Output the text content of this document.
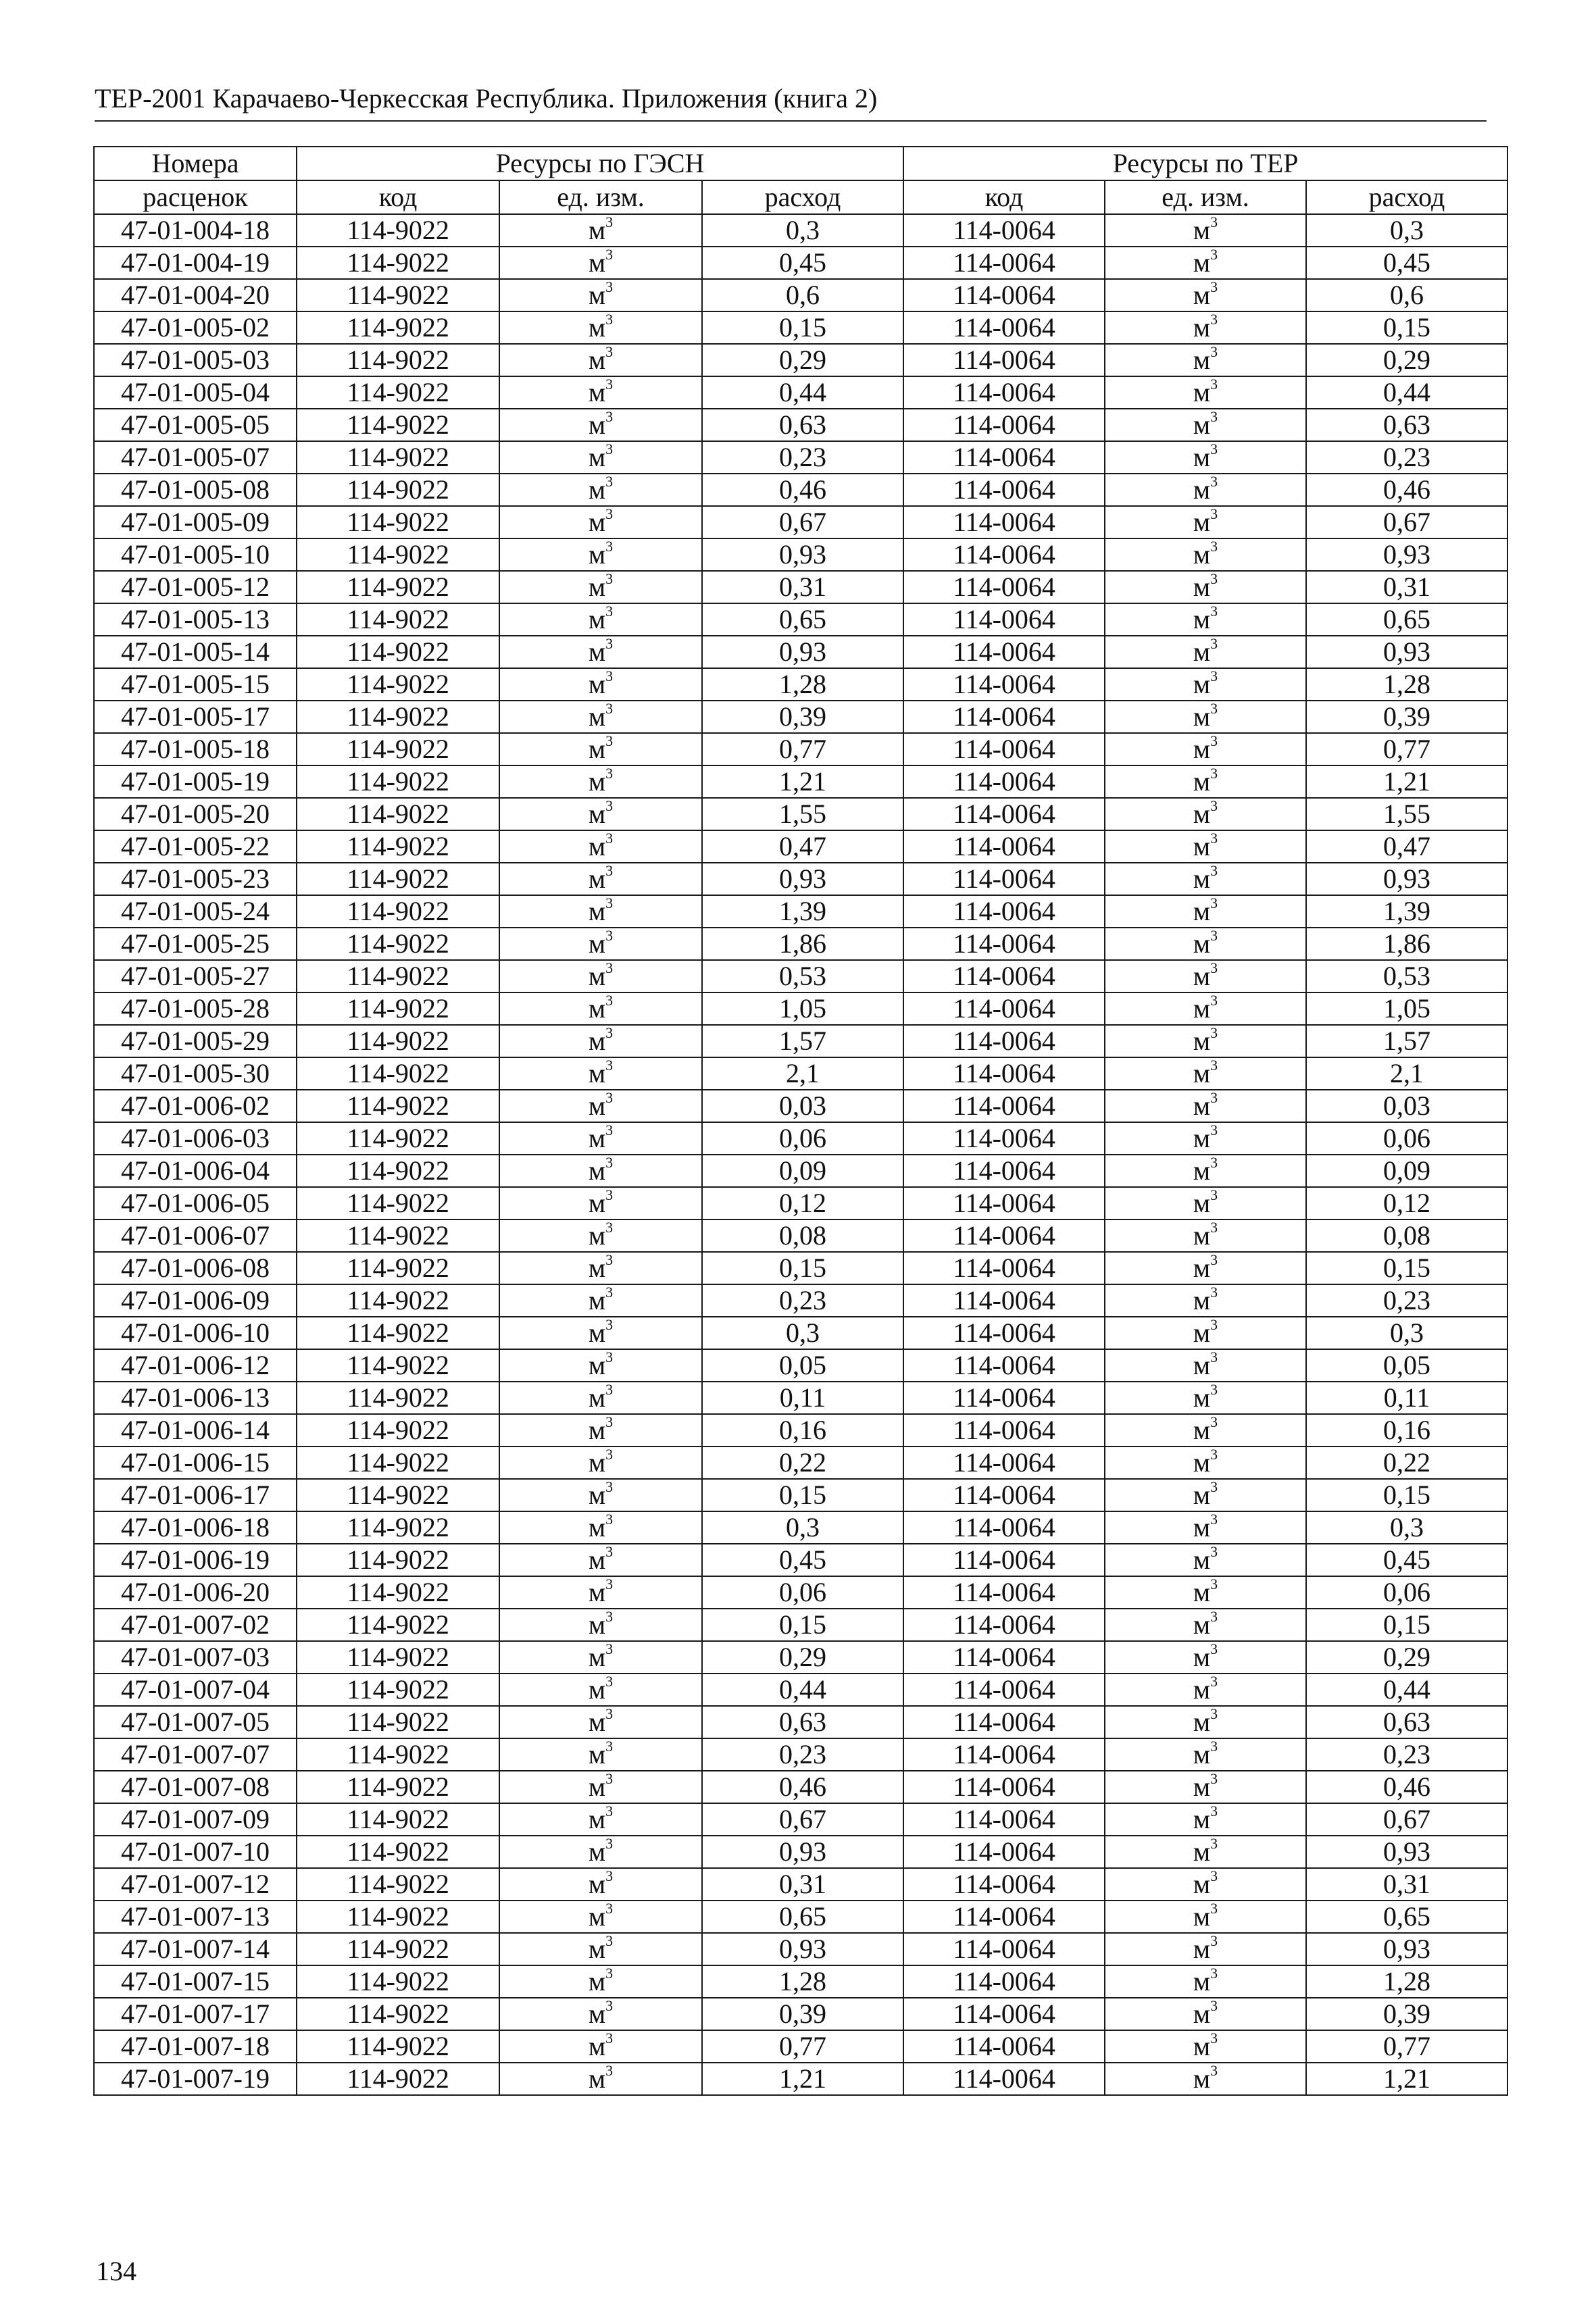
ТЕР-2001 Карачаево-Черкесская Республика. Приложения (книга 2)
Номера	Ресурсы по ГЭСН			Ресурсы по ТЕР		
расценок	код	ед. изм.	расход	код	ед. изм.	расход
47-01-004-18	114-9022	$м^3$	0,3	114-0064	$м^3$	0,3
47-01-004-19	114-9022	$м^3$	0,45	114-0064	$м^3$	0,45
47-01-004-20	114-9022	$м^3$	0,6	114-0064	$м^3$	0,6
47-01-005-02	114-9022	$м^3$	0,15	114-0064	$м^3$	0,15
47-01-005-03	114-9022	$м^3$	0,29	114-0064	$м^3$	0,29
47-01-005-04	114-9022	$м^3$	0,44	114-0064	$м^3$	0,44
47-01-005-05	114-9022	$м^3$	0,63	114-0064	$м^3$	0,63
47-01-005-07	114-9022	$м^3$	0,23	114-0064	$м^3$	0,23
47-01-005-08	114-9022	$м^3$	0,46	114-0064	$м^3$	0,46
47-01-005-09	114-9022	$м^3$	0,67	114-0064	$м^3$	0,67
47-01-005-10	114-9022	$м^3$	0,93	114-0064	$м^3$	0,93
47-01-005-12	114-9022	$м^3$	0,31	114-0064	$м^3$	0,31
47-01-005-13	114-9022	$м^3$	0,65	114-0064	$м^3$	0,65
47-01-005-14	114-9022	$м^3$	0,93	114-0064	$м^3$	0,93
47-01-005-15	114-9022	$м^3$	1,28	114-0064	$м^3$	1,28
47-01-005-17	114-9022	$м^3$	0,39	114-0064	$м^3$	0,39
47-01-005-18	114-9022	$м^3$	0,77	114-0064	$м^3$	0,77
47-01-005-19	114-9022	$м^3$	1,21	114-0064	$м^3$	1,21
47-01-005-20	114-9022	$м^3$	1,55	114-0064	$м^3$	1,55
47-01-005-22	114-9022	$м^3$	0,47	114-0064	$м^3$	0,47
47-01-005-23	114-9022	$м^3$	0,93	114-0064	$м^3$	0,93
47-01-005-24	114-9022	$м^3$	1,39	114-0064	$м^3$	1,39
47-01-005-25	114-9022	$м^3$	1,86	114-0064	$м^3$	1,86
47-01-005-27	114-9022	$м^3$	0,53	114-0064	$м^3$	0,53
47-01-005-28	114-9022	$м^3$	1,05	114-0064	$м^3$	1,05
47-01-005-29	114-9022	$м^3$	1,57	114-0064	$м^3$	1,57
47-01-005-30	114-9022	$м^3$	2,1	114-0064	$м^3$	2,1
47-01-006-02	114-9022	$м^3$	0,03	114-0064	$м^3$	0,03
47-01-006-03	114-9022	$м^3$	0,06	114-0064	$м^3$	0,06
47-01-006-04	114-9022	$м^3$	0,09	114-0064	$м^3$	0,09
47-01-006-05	114-9022	$м^3$	0,12	114-0064	$м^3$	0,12
47-01-006-07	114-9022	$м^3$	0,08	114-0064	$м^3$	0,08
47-01-006-08	114-9022	$м^3$	0,15	114-0064	$м^3$	0,15
47-01-006-09	114-9022	$м^3$	0,23	114-0064	$м^3$	0,23
47-01-006-10	114-9022	$м^3$	0,3	114-0064	$м^3$	0,3
47-01-006-12	114-9022	$м^3$	0,05	114-0064	$м^3$	0,05
47-01-006-13	114-9022	$м^3$	0,11	114-0064	$м^3$	0,11
47-01-006-14	114-9022	$м^3$	0,16	114-0064	$м^3$	0,16
47-01-006-15	114-9022	$м^3$	0,22	114-0064	$м^3$	0,22
47-01-006-17	114-9022	$м^3$	0,15	114-0064	$м^3$	0,15
47-01-006-18	114-9022	$м^3$	0,3	114-0064	$м^3$	0,3
47-01-006-19	114-9022	$м^3$	0,45	114-0064	$м^3$	0,45
47-01-006-20	114-9022	$м^3$	0,06	114-0064	$м^3$	0,06
47-01-007-02	114-9022	$м^3$	0,15	114-0064	$м^3$	0,15
47-01-007-03	114-9022	$м^3$	0,29	114-0064	$м^3$	0,29
47-01-007-04	114-9022	$м^3$	0,44	114-0064	$м^3$	0,44
47-01-007-05	114-9022	$м^3$	0,63	114-0064	$м^3$	0,63
47-01-007-07	114-9022	$м^3$	0,23	114-0064	$м^3$	0,23
47-01-007-08	114-9022	$м^3$	0,46	114-0064	$м^3$	0,46
47-01-007-09	114-9022	$м^3$	0,67	114-0064	$м^3$	0,67
47-01-007-10	114-9022	$м^3$	0,93	114-0064	$м^3$	0,93
47-01-007-12	114-9022	$м^3$	0,31	114-0064	$м^3$	0,31
47-01-007-13	114-9022	$м^3$	0,65	114-0064	$м^3$	0,65
47-01-007-14	114-9022	$м^3$	0,93	114-0064	$м^3$	0,93
47-01-007-15	114-9022	$м^3$	1,28	114-0064	$м^3$	1,28
47-01-007-17	114-9022	$м^3$	0,39	114-0064	$м^3$	0,39
47-01-007-18	114-9022	$м^3$	0,77	114-0064	$м^3$	0,77
47-01-007-19	114-9022	$м^3$	1,21	114-0064	$м^3$	1,21
134
